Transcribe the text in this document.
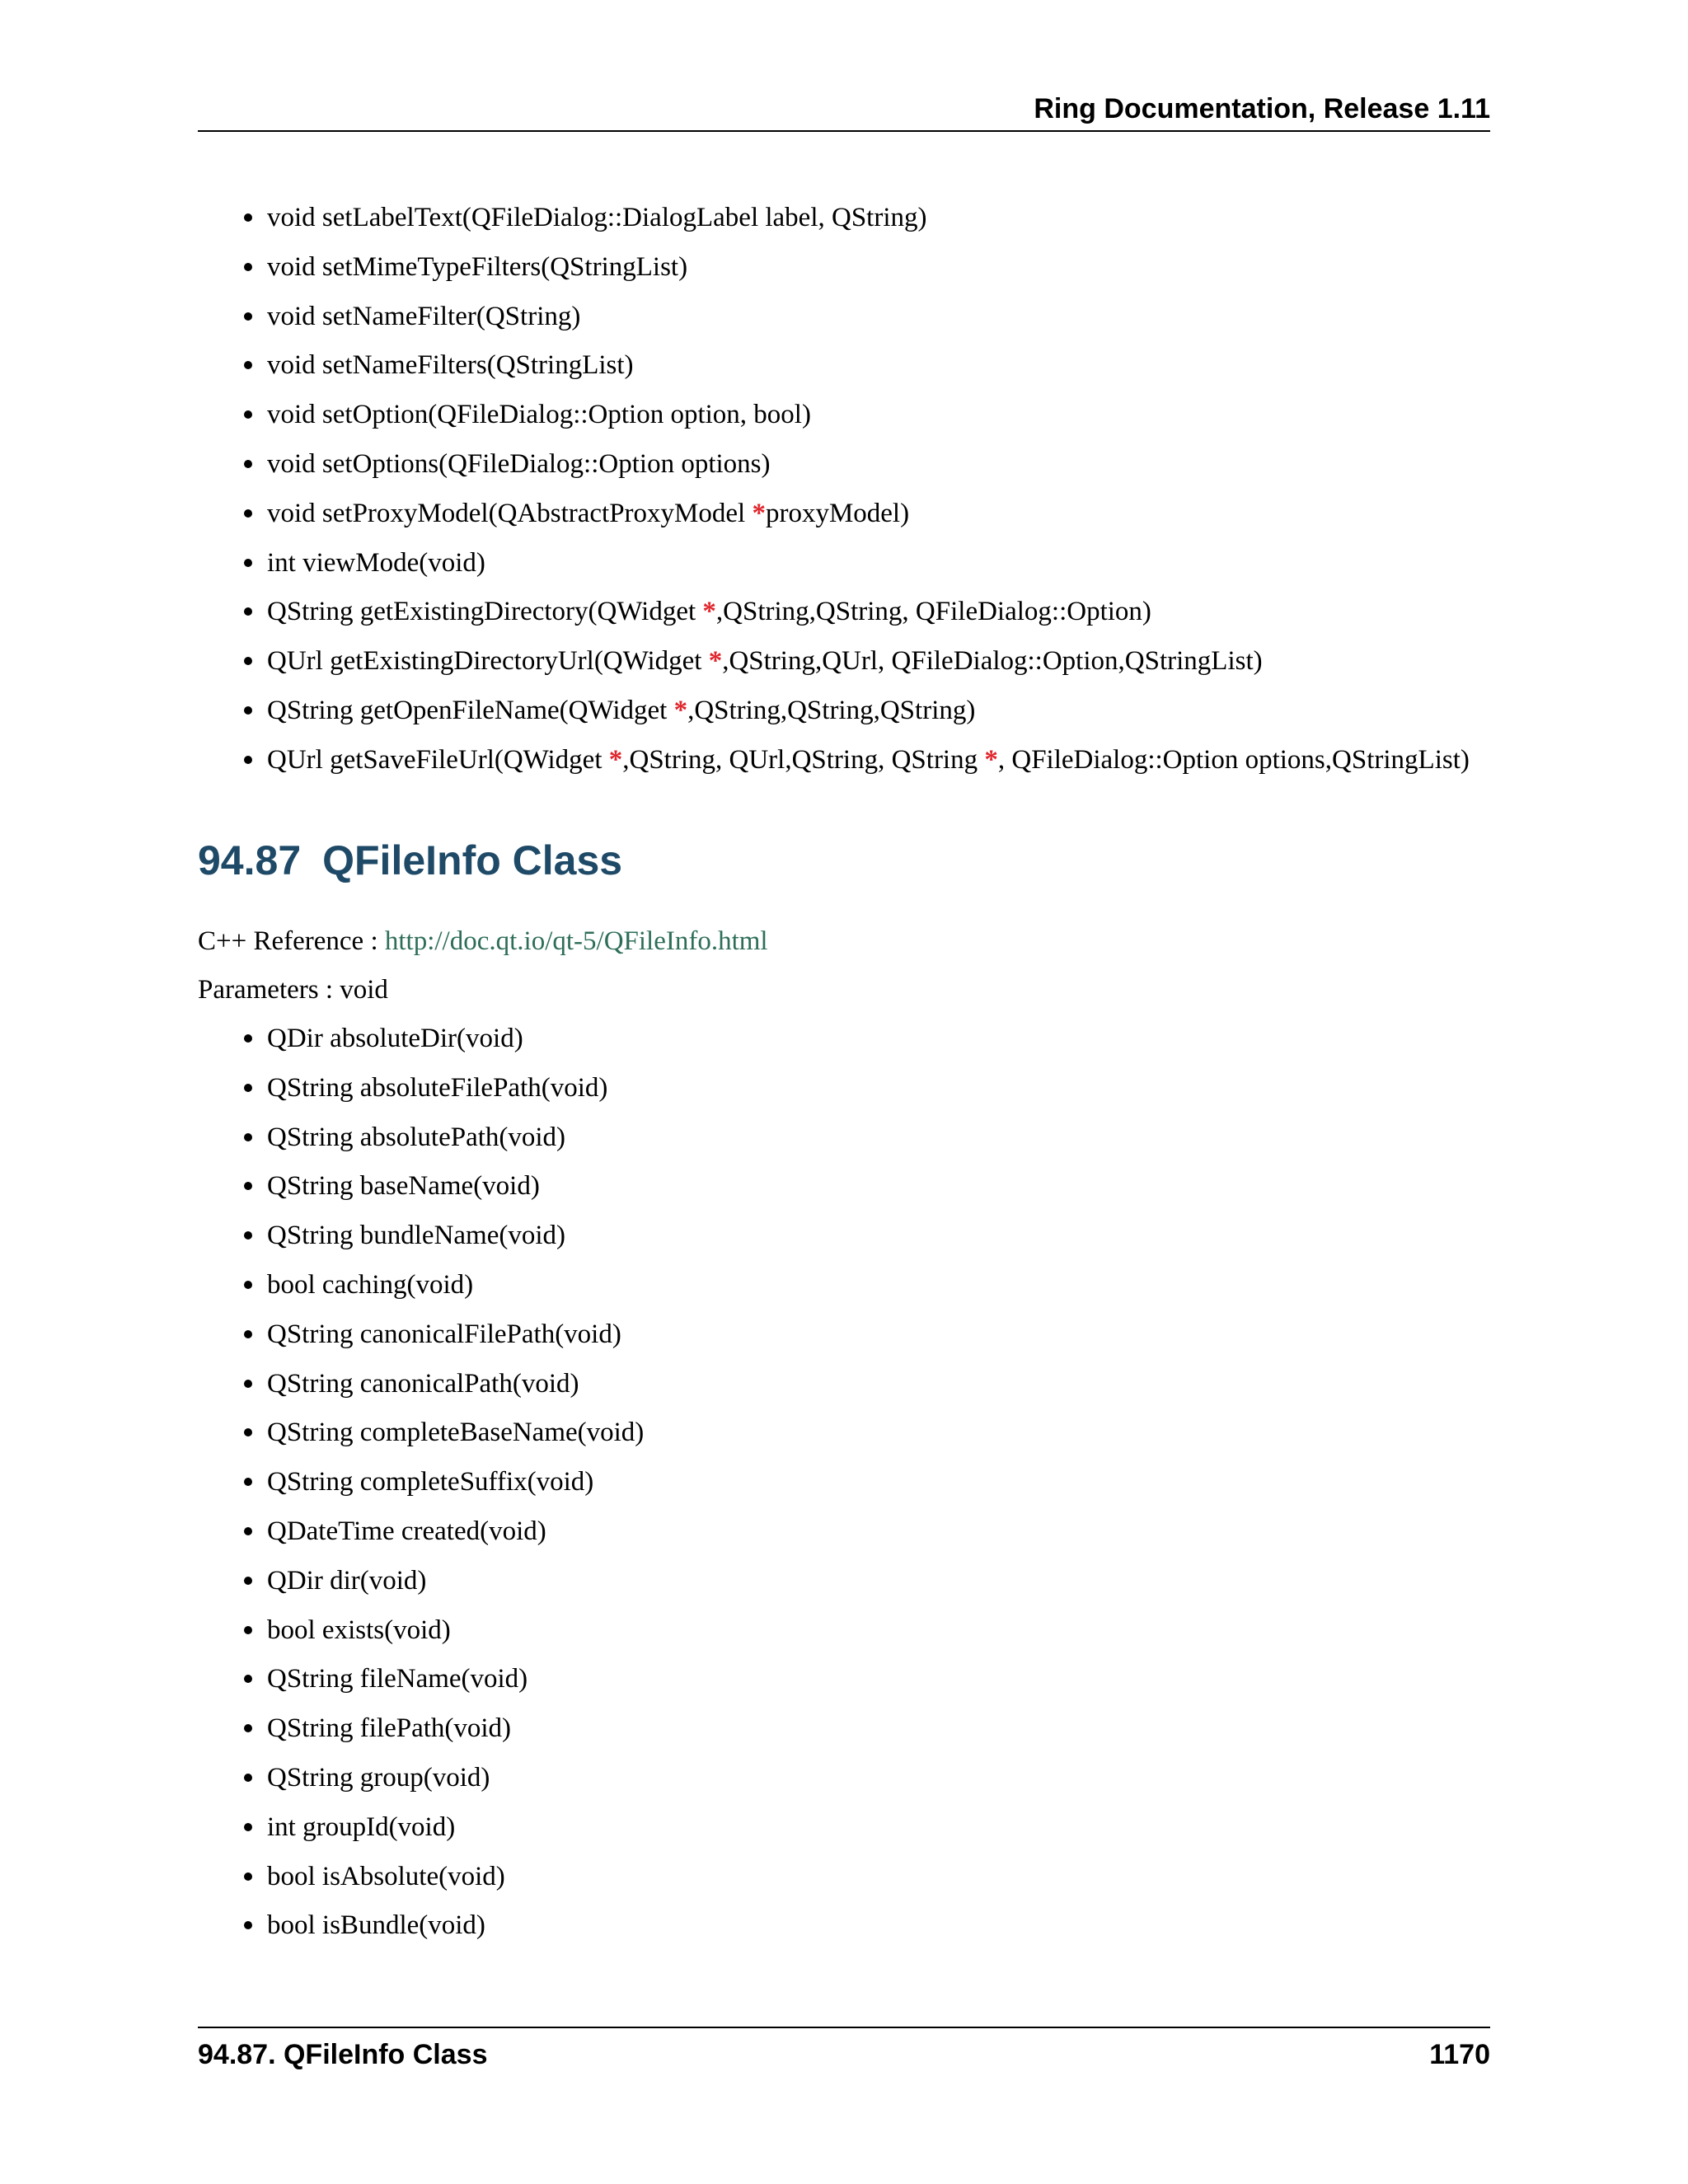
Ring Documentation, Release 1.11
void setLabelText(QFileDialog::DialogLabel label, QString)
void setMimeTypeFilters(QStringList)
void setNameFilter(QString)
void setNameFilters(QStringList)
void setOption(QFileDialog::Option option, bool)
void setOptions(QFileDialog::Option options)
void setProxyModel(QAbstractProxyModel *proxyModel)
int viewMode(void)
QString getExistingDirectory(QWidget *,QString,QString, QFileDialog::Option)
QUrl getExistingDirectoryUrl(QWidget *,QString,QUrl, QFileDialog::Option,QStringList)
QString getOpenFileName(QWidget *,QString,QString,QString)
QUrl getSaveFileUrl(QWidget *,QString, QUrl,QString, QString *, QFileDialog::Option options,QStringList)
94.87 QFileInfo Class
C++ Reference : http://doc.qt.io/qt-5/QFileInfo.html
Parameters : void
QDir absoluteDir(void)
QString absoluteFilePath(void)
QString absolutePath(void)
QString baseName(void)
QString bundleName(void)
bool caching(void)
QString canonicalFilePath(void)
QString canonicalPath(void)
QString completeBaseName(void)
QString completeSuffix(void)
QDateTime created(void)
QDir dir(void)
bool exists(void)
QString fileName(void)
QString filePath(void)
QString group(void)
int groupId(void)
bool isAbsolute(void)
bool isBundle(void)
94.87. QFileInfo Class	1170
